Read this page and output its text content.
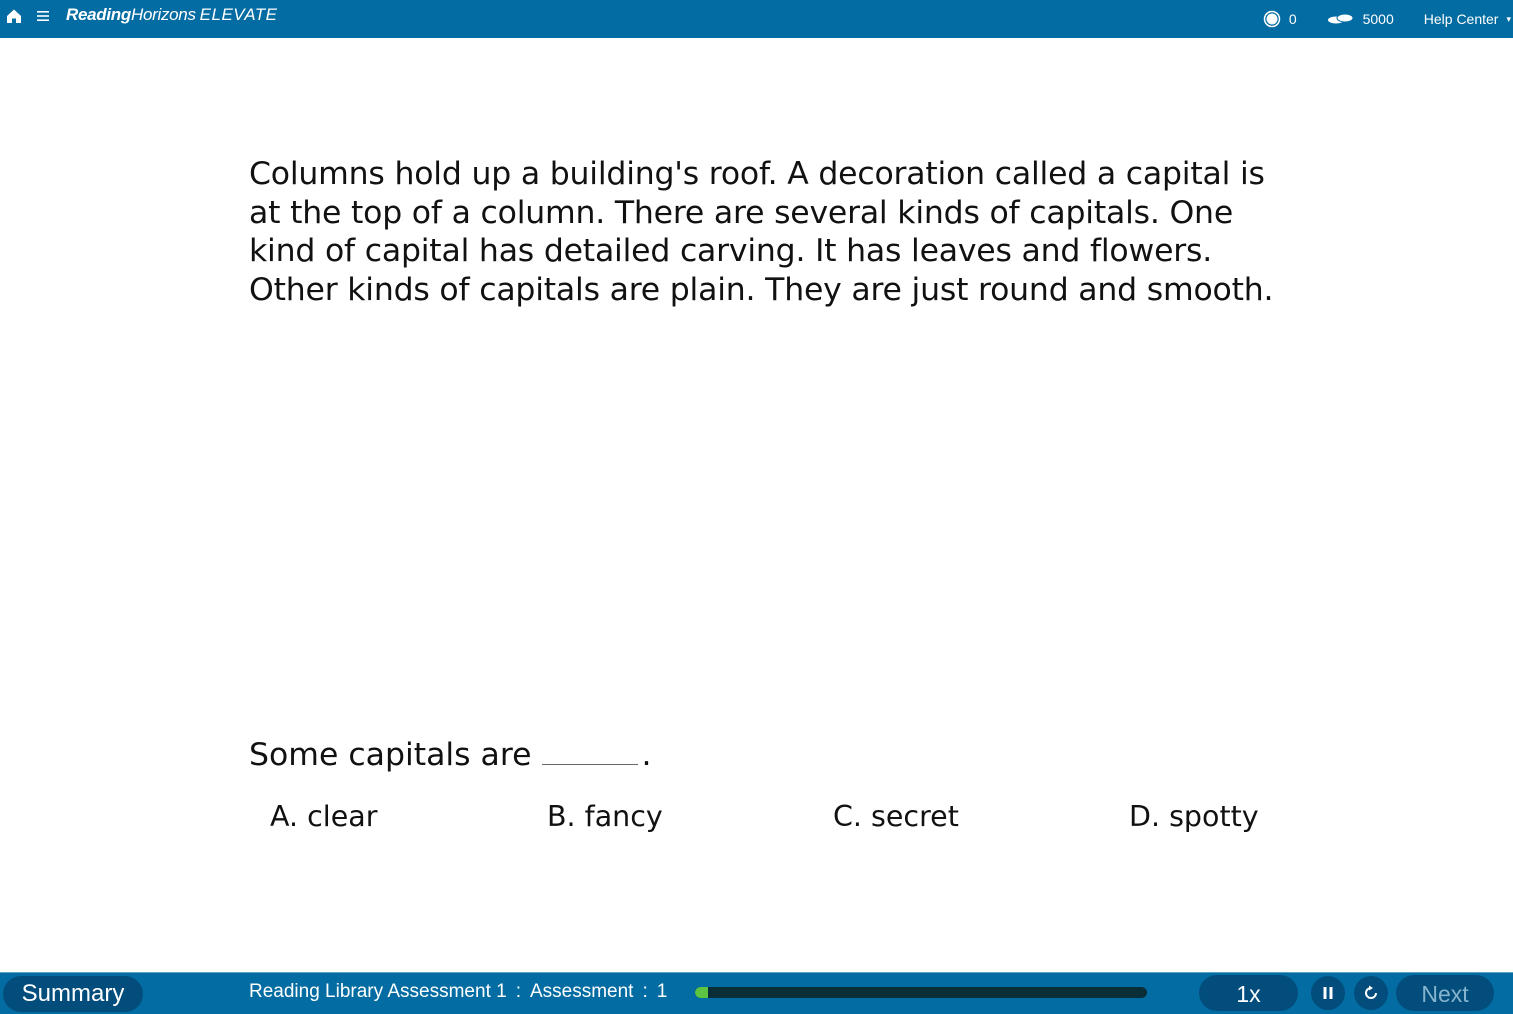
ReadingHorizons ELEVATE	0	5000 Help Center ▾
Columns hold up a building's roof. A decoration called a capital is at the top of a column. There are several kinds of capitals. One kind of capital has detailed carving. It has leaves and flowers. Other kinds of capitals are plain. They are just round and smooth.
Some capitals are	.
A. clear	B. fancy	C. secret	D. spotty
Summary	Reading Library Assessment 1 : Assessment : 1	1x	Next
